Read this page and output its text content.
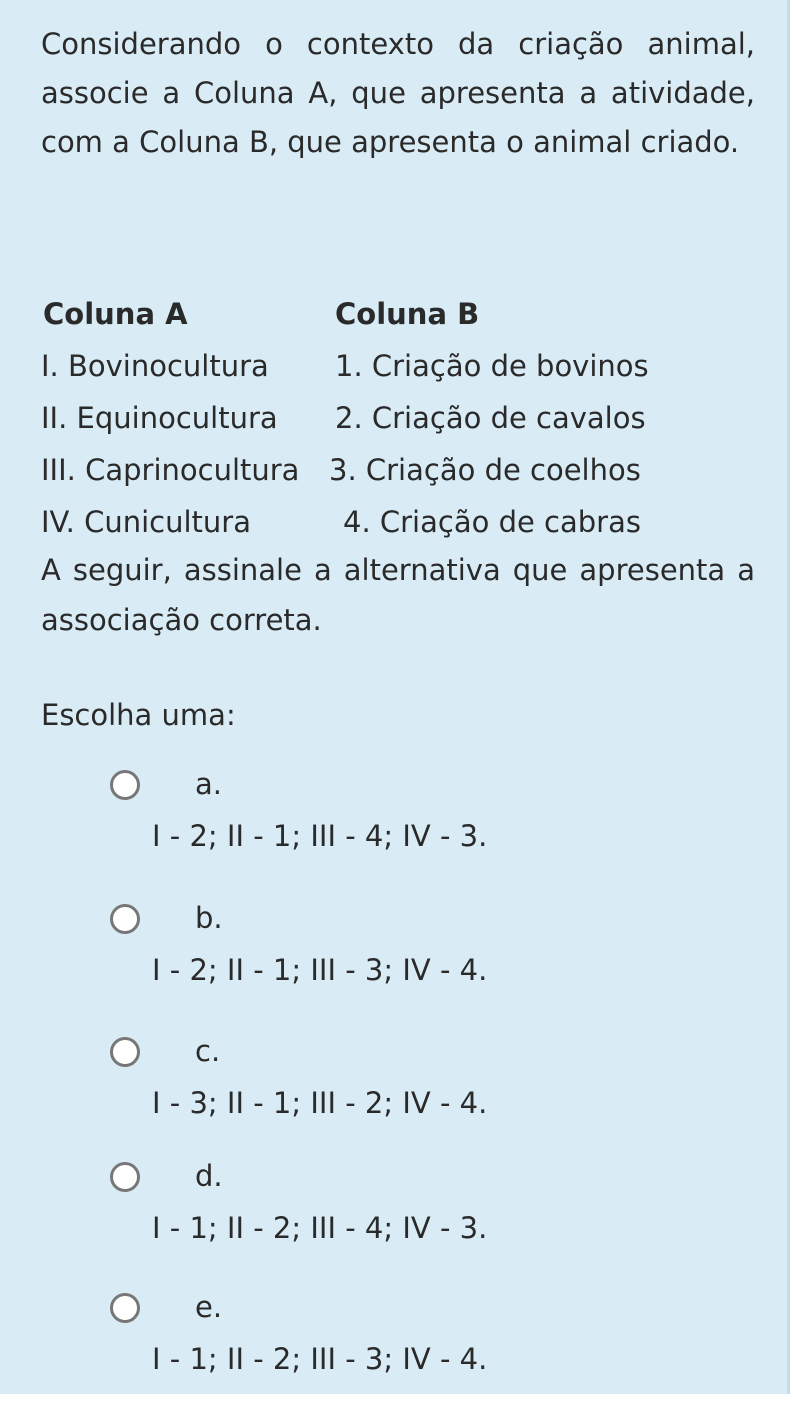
Considerando o contexto da criação animal, associe a Coluna A, que apresenta a atividade, com a Coluna B, que apresenta o animal criado.

Coluna A	Coluna B
I. Bovinocultura 1. Criação de bovinos
II. Equinocultura 2. Criação de cavalos
III. Caprinocultura 3. Criação de coelhos
IV. Cunicultura	4. Criação de cabras

A seguir, assinale a alternativa que apresenta a associação correta.

Escolha uma:
a.
I - 2; II - 1; III - 4; IV - 3.
b.
I - 2; II - 1; III - 3; IV - 4.
c.
I - 3; II - 1; III - 2; IV - 4.
d.
I - 1; II - 2; III - 4; IV - 3.
e.
I - 1; II - 2; III - 3; IV - 4.
